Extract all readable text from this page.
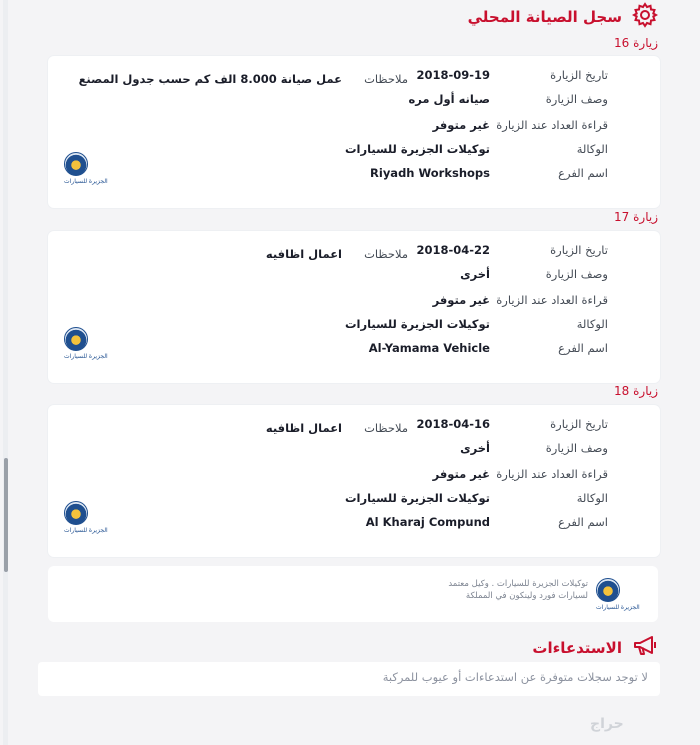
سجل الصيانة المحلي
زيارة 16
تاريخ الزيارة
2018-09-19
ملاحظات
عمل صيانة 8.000 الف كم حسب جدول المصنع
وصف الزيارة
صيانه أول مره
قراءة العداد عند الزيارة
غير متوفر
الوكالة
توكيلات الجزيرة للسيارات
اسم الفرع
Riyadh Workshops
الجزيرة للسيارات
زيارة 17
تاريخ الزيارة
2018-04-22
ملاحظات
اعمال اظافيه
وصف الزيارة
أخرى
قراءة العداد عند الزيارة
غير متوفر
الوكالة
توكيلات الجزيرة للسيارات
اسم الفرع
Al-Yamama Vehicle
الجزيرة للسيارات
زيارة 18
تاريخ الزيارة
2018-04-16
ملاحظات
اعمال اظافيه
وصف الزيارة
أخرى
قراءة العداد عند الزيارة
غير متوفر
الوكالة
توكيلات الجزيرة للسيارات
اسم الفرع
Al Kharaj Compund
الجزيرة للسيارات
الجزيرة للسيارات
توكيلات الجزيرة للسيارات . وكيل معتمد
لسيارات فورد ولينكون في المملكة
الاستدعاءات
لا توجد سجلات متوفرة عن استدعاءات أو عيوب للمركبة
حراج
